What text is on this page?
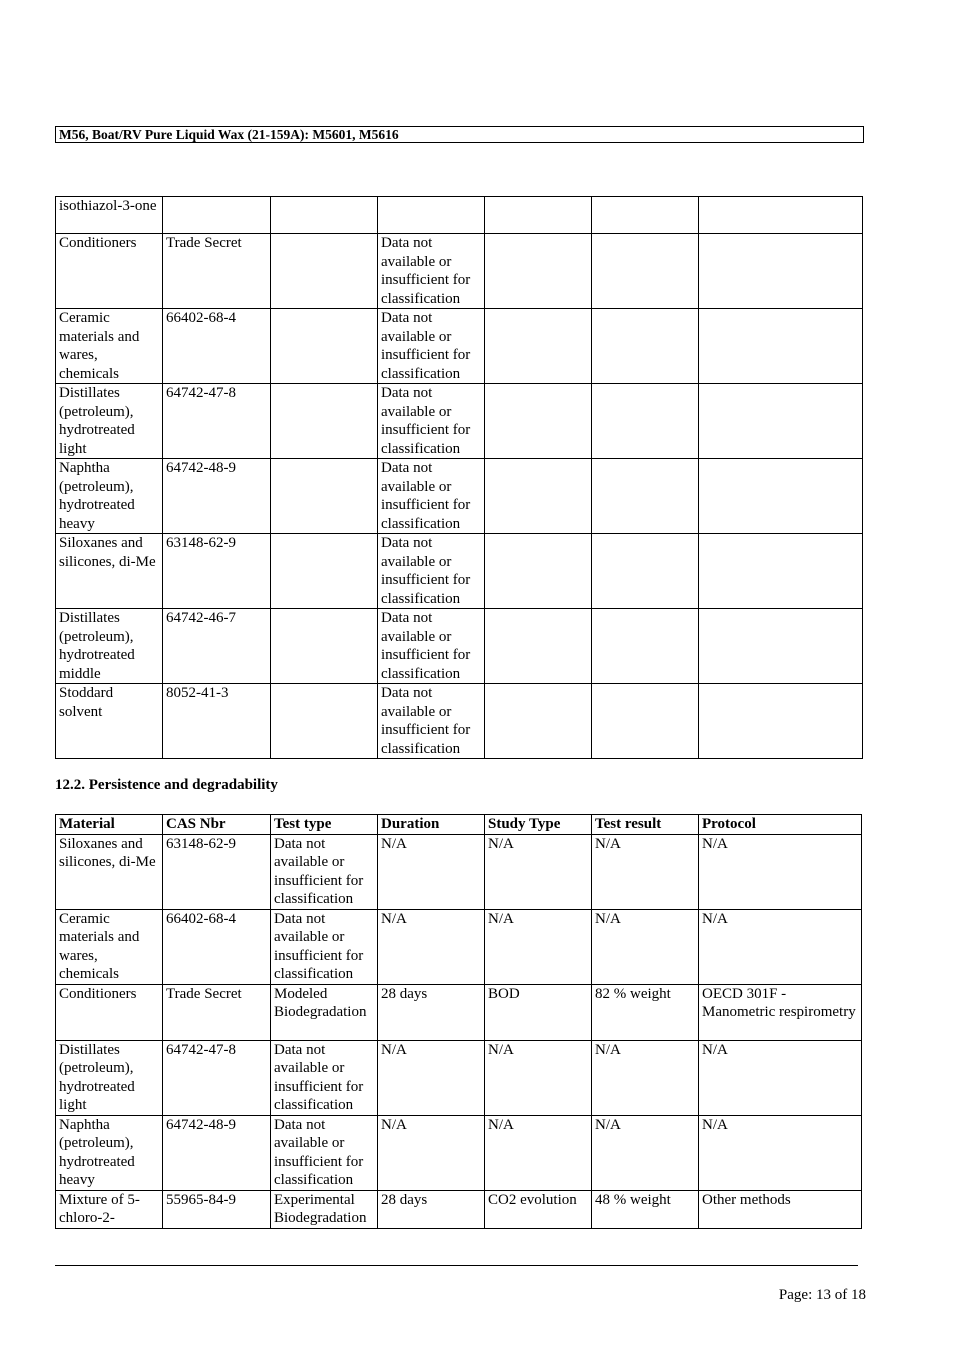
M56, Boat/RV Pure Liquid Wax (21-159A): M5601, M5616
isothiazol-3-one						
Conditioners	Trade Secret		Data not available or insufficient for classification			
Ceramic materials and wares, chemicals	66402-68-4		Data not available or insufficient for classification			
Distillates (petroleum), hydrotreated light	64742-47-8		Data not available or insufficient for classification			
Naphtha (petroleum), hydrotreated heavy	64742-48-9		Data not available or insufficient for classification			
Siloxanes and silicones, di-Me	63148-62-9		Data not available or insufficient for classification			
Distillates (petroleum), hydrotreated middle	64742-46-7		Data not available or insufficient for classification			
Stoddard solvent	8052-41-3		Data not available or insufficient for classification			
12.2. Persistence and degradability
Material	CAS Nbr	Test type	Duration	Study Type	Test result	Protocol
Siloxanes and silicones, di-Me	63148-62-9	Data not available or insufficient for classification	N/A	N/A	N/A	N/A
Ceramic materials and wares, chemicals	66402-68-4	Data not available or insufficient for classification	N/A	N/A	N/A	N/A
Conditioners	Trade Secret	Modeled Biodegradation	28 days	BOD	82 % weight	OECD 301F - Manometric respirometry
Distillates (petroleum), hydrotreated light	64742-47-8	Data not available or insufficient for classification	N/A	N/A	N/A	N/A
Naphtha (petroleum), hydrotreated heavy	64742-48-9	Data not available or insufficient for classification	N/A	N/A	N/A	N/A
Mixture of 5-chloro-2-	55965-84-9	Experimental Biodegradation	28 days	CO2 evolution	48 % weight	Other methods
Page: 13 of 18
